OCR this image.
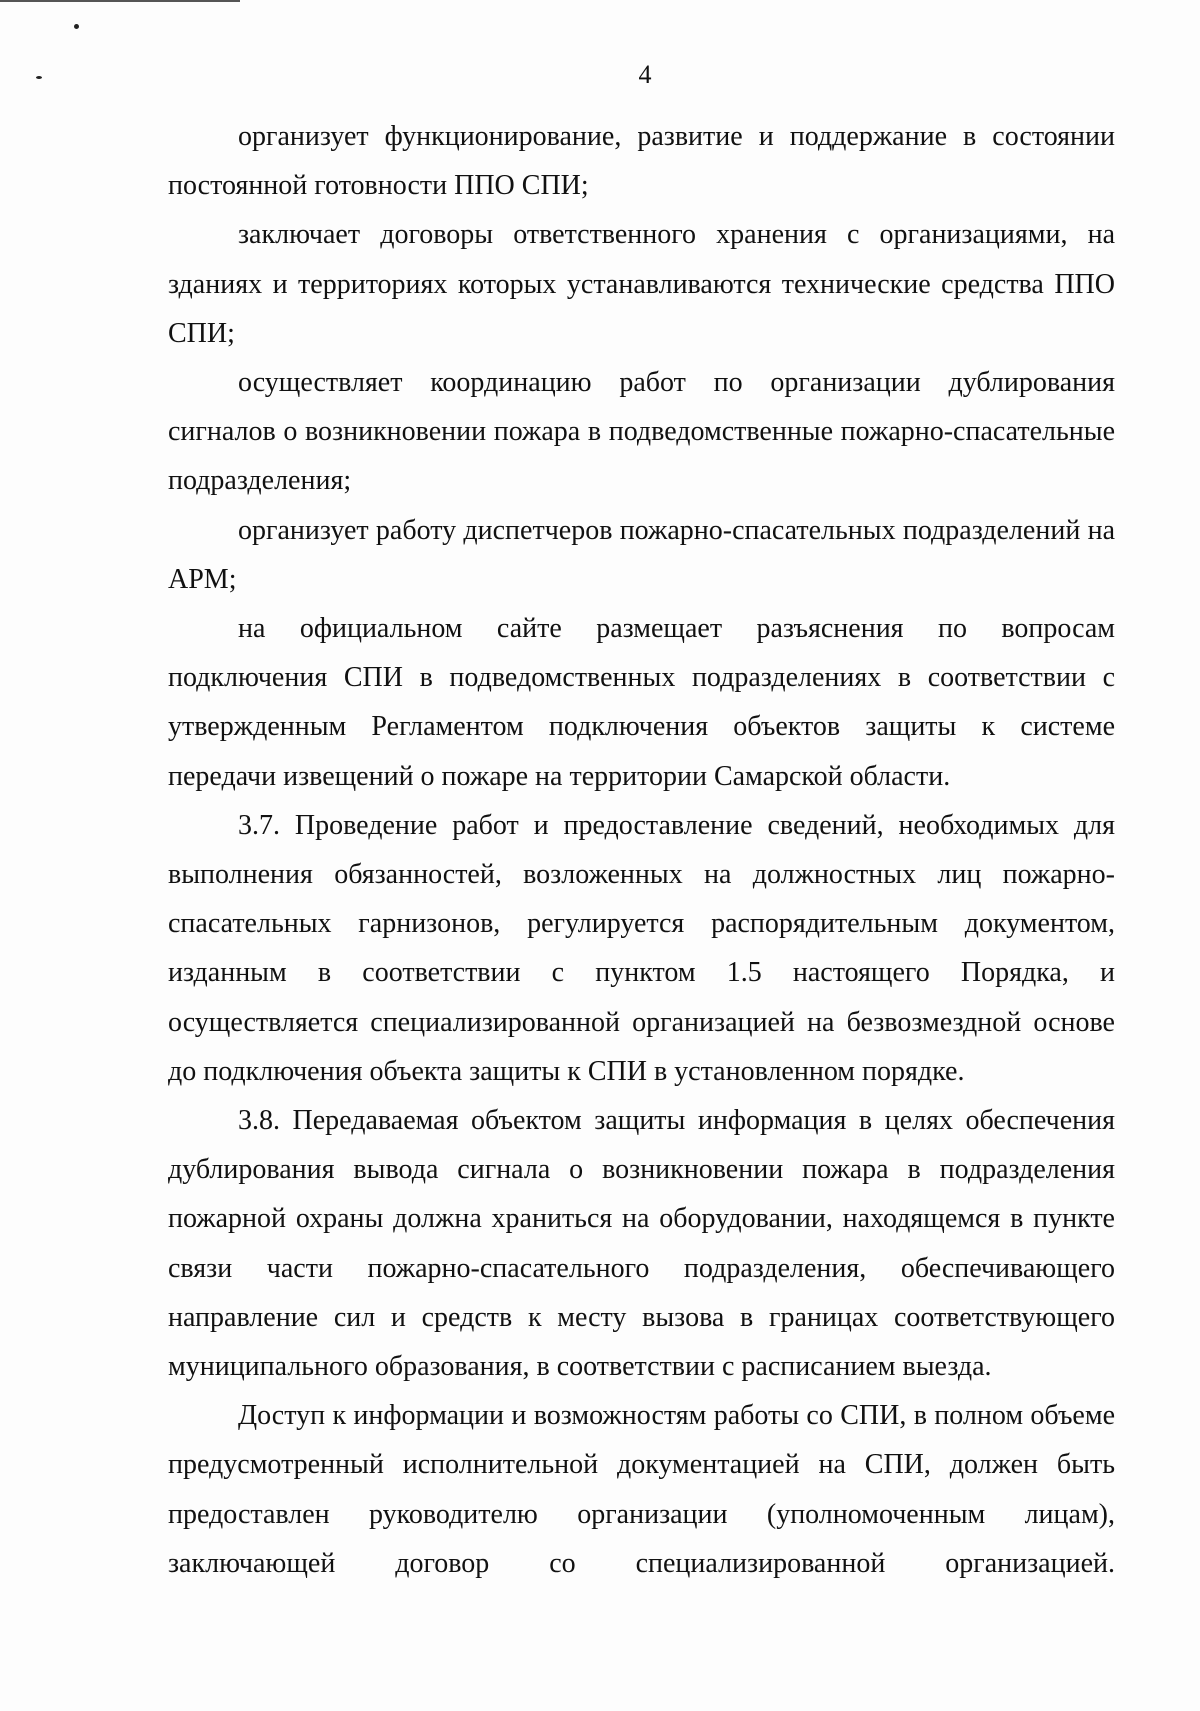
4

организует функционирование, развитие и поддержание в состоянии постоянной готовности ППО СПИ;

заключает договоры ответственного хранения с организациями, на зданиях и территориях которых устанавливаются технические средства ППО СПИ;

осуществляет координацию работ по организации дублирования сигналов о возникновении пожара в подведомственные пожарно-спасательные подразделения;

организует работу диспетчеров пожарно-спасательных подразделений на АРМ;

на официальном сайте размещает разъяснения по вопросам подключения СПИ в подведомственных подразделениях в соответствии с утвержденным Регламентом подключения объектов защиты к системе передачи извещений о пожаре на территории Самарской области.

3.7. Проведение работ и предоставление сведений, необходимых для выполнения обязанностей, возложенных на должностных лиц пожарно-спасательных гарнизонов, регулируется распорядительным документом, изданным в соответствии с пунктом 1.5 настоящего Порядка, и осуществляется специализированной организацией на безвозмездной основе до подключения объекта защиты к СПИ в установленном порядке.

3.8. Передаваемая объектом защиты информация в целях обеспечения дублирования вывода сигнала о возникновении пожара в подразделения пожарной охраны должна храниться на оборудовании, находящемся в пункте связи части пожарно-спасательного подразделения, обеспечивающего направление сил и средств к месту вызова в границах соответствующего муниципального образования, в соответствии с расписанием выезда.

Доступ к информации и возможностям работы со СПИ, в полном объеме предусмотренный исполнительной документацией на СПИ, должен быть предоставлен руководителю организации (уполномоченным лицам), заключающей договор со специализированной организацией.
